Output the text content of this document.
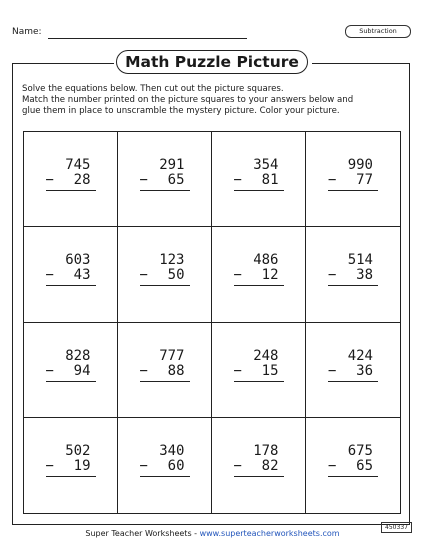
Name:	Subtraction
Math Puzzle Picture
Solve the equations below. Then cut out the picture squares.
Match the number printed on the picture squares to your answers below and
glue them in place to unscramble the mystery picture. Color your picture.
745
− 28
291
− 65
354
− 81
990
− 77
603
− 43
123
− 50
486
− 12
514
− 38
828
− 94
777
− 88
248
− 15
424
− 36
502
− 19
340
− 60
178
− 82
675
− 65
Super Teacher Worksheets - www.superteacherworksheets.com
450337
